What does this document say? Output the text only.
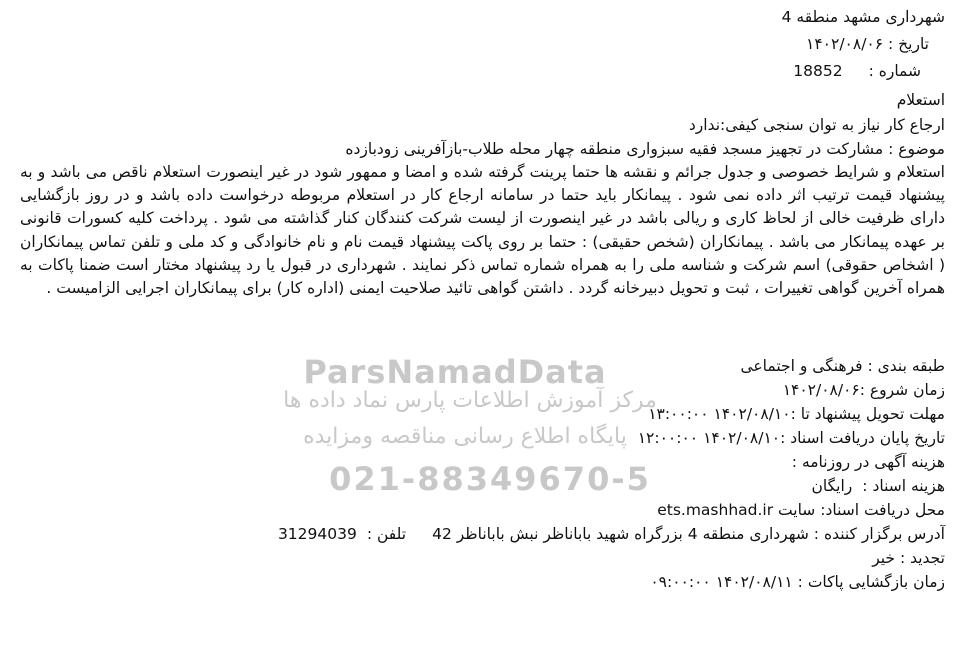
ParsNamadData
مرکز آموزش اطلاعات پارس نماد داده ها
پایگاه اطلاع رسانی مناقصه ومزایده
021-88349670-5
شهرداری مشهد منطقه 4
تاریخ : ۱۴۰۲/۰۸/۰۶
شماره :18852
استعلام
ارجاع کار نیاز به توان سنجی کیفی:ندارد
موضوع : مشارکت در تجهیز مسجد فقیه سبزواری منطقه چهار محله طلاب-بازآفرینی زودبازده
استعلام و شرایط خصوصی و جدول جرائم و نقشه ها حتما پرینت گرفته شده و امضا و ممهور شود در غیر اینصورت استعلام ناقص می باشد و به پیشنهاد قیمت ترتیب اثر داده نمی شود . پیمانکار باید حتما در سامانه ارجاع کار در استعلام مربوطه درخواست داده باشد و در روز بازگشایی دارای ظرفیت خالی از لحاظ کاری و ریالی باشد در غیر اینصورت از لیست شرکت کنندگان کنار گذاشته می شود . پرداخت کلیه کسورات قانونی بر عهده پیمانکار می باشد . پیمانکاران (شخص حقیقی) : حتما بر روی پاکت پیشنهاد قیمت نام و نام خانوادگی و کد ملی و تلفن تماس پیمانکاران ( اشخاص حقوقی) اسم شرکت و شناسه ملی را به همراه شماره تماس ذکر نمایند . شهرداری در قبول یا رد پیشنهاد مختار است ضمنا پاکات به همراه آخرین گواهی تغییرات ، ثبت و تحویل دبیرخانه گردد . داشتن گواهی تائید صلاحیت ایمنی (اداره کار) برای پیمانکاران اجرایی الزامیست .
طبقه بندی : فرهنگی و اجتماعی
زمان شروع :۱۴۰۲/۰۸/۰۶
مهلت تحویل پیشنهاد تا :۱۴۰۲/۰۸/۱۰ ۱۳:۰۰:۰۰
تاریخ پایان دریافت اسناد :۱۴۰۲/۰۸/۱۰ ۱۲:۰۰:۰۰
هزینه آگهی در روزنامه :
هزینه اسناد :رایگان
محل دریافت اسناد: سایت ets.mashhad.ir
آدرس برگزار کننده : شهرداری منطقه 4 بزرگراه شهید باباناظر نبش باباناظر 42تلفن :31294039
تجدید : خیر
زمان بازگشایی پاکات : ۱۴۰۲/۰۸/۱۱ ۰۹:۰۰:۰۰
